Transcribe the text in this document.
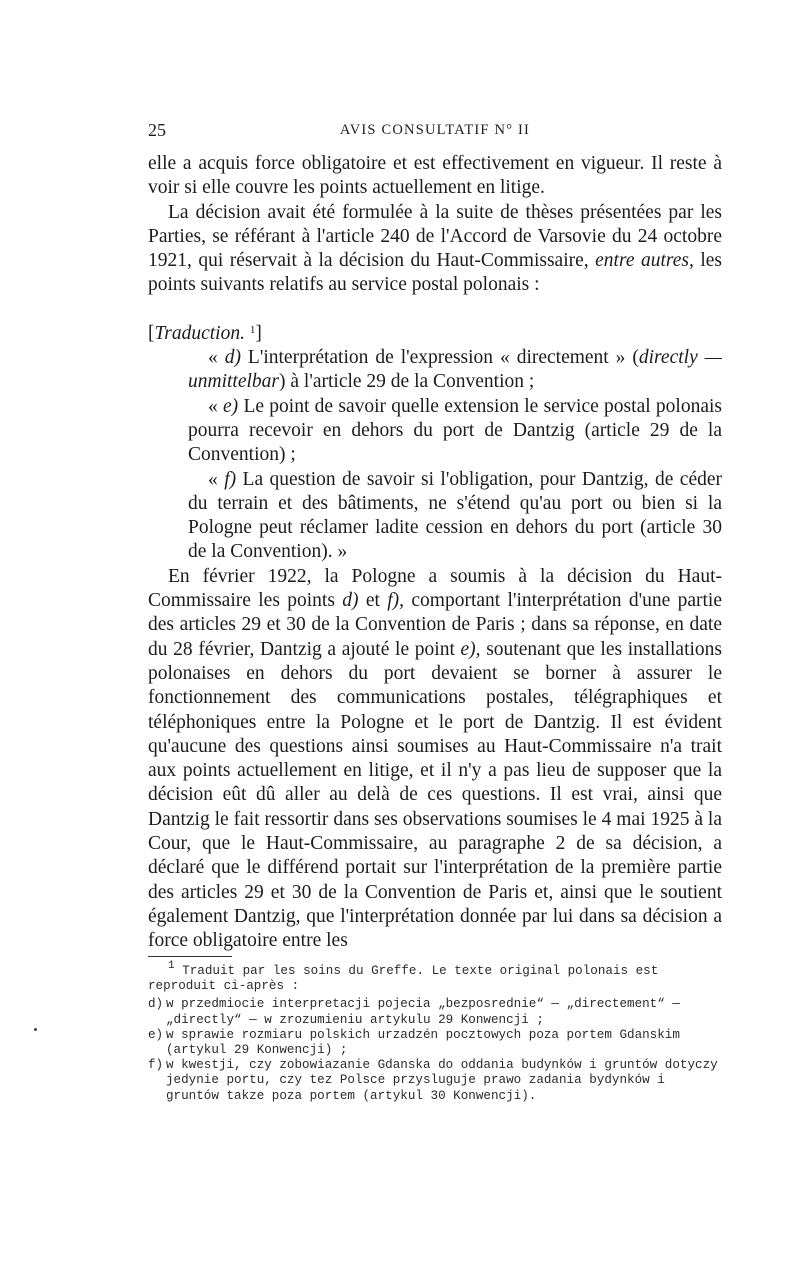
25	AVIS CONSULTATIF N° II

elle a acquis force obligatoire et est effectivement en vigueur. Il reste à voir si elle couvre les points actuellement en litige.

La décision avait été formulée à la suite de thèses présentées par les Parties, se référant à l'article 240 de l'Accord de Varsovie du 24 octobre 1921, qui réservait à la décision du Haut-Commissaire, entre autres, les points suivants relatifs au service postal polonais :

[Traduction. $^1$]

« d) L'interprétation de l'expression « directement » (directly —unmittelbar) à l'article 29 de la Convention ;

« e) Le point de savoir quelle extension le service postal polonais pourra recevoir en dehors du port de Dantzig (article 29 de la Convention) ;

« f) La question de savoir si l'obligation, pour Dantzig, de céder du terrain et des bâtiments, ne s'étend qu'au port ou bien si la Pologne peut réclamer ladite cession en dehors du port (article 30 de la Convention). »

En février 1922, la Pologne a soumis à la décision du Haut-Commissaire les points d) et f), comportant l'interprétation d'une partie des articles 29 et 30 de la Convention de Paris ; dans sa réponse, en date du 28 février, Dantzig a ajouté le point e), soutenant que les installations polonaises en dehors du port devaient se borner à assurer le fonctionnement des communications postales, télégraphiques et téléphoniques entre la Pologne et le port de Dantzig. Il est évident qu'aucune des questions ainsi soumises au Haut-Commissaire n'a trait aux points actuellement en litige, et il n'y a pas lieu de supposer que la décision eût dû aller au delà de ces questions. Il est vrai, ainsi que Dantzig le fait ressortir dans ses observations soumises le 4 mai 1925 à la Cour, que le Haut-Commissaire, au paragraphe 2 de sa décision, a déclaré que le différend portait sur l'interprétation de la première partie des articles 29 et 30 de la Convention de Paris et, ainsi que le soutient également Dantzig, que l'interprétation donnée par lui dans sa décision a force obligatoire entre les

$^1$ Traduit par les soins du Greffe. Le texte original polonais est reproduit ci-après :

d) w przedmiocie interpretacji pojecia „bezposrednie“ — „directement“ — „directly“ — w zrozumieniu artykulu 29 Konwencji ;
e) w sprawie rozmiaru polskich urzadzén pocztowych poza portem Gdanskim (artykul 29 Konwencji) ;
f) w kwestji, czy zobowiazanie Gdanska do oddania budynków i gruntów dotyczy jedynie portu, czy tez Polsce przysluguje prawo zadania bydynków i gruntów takze poza portem (artykul 30 Konwencji).
